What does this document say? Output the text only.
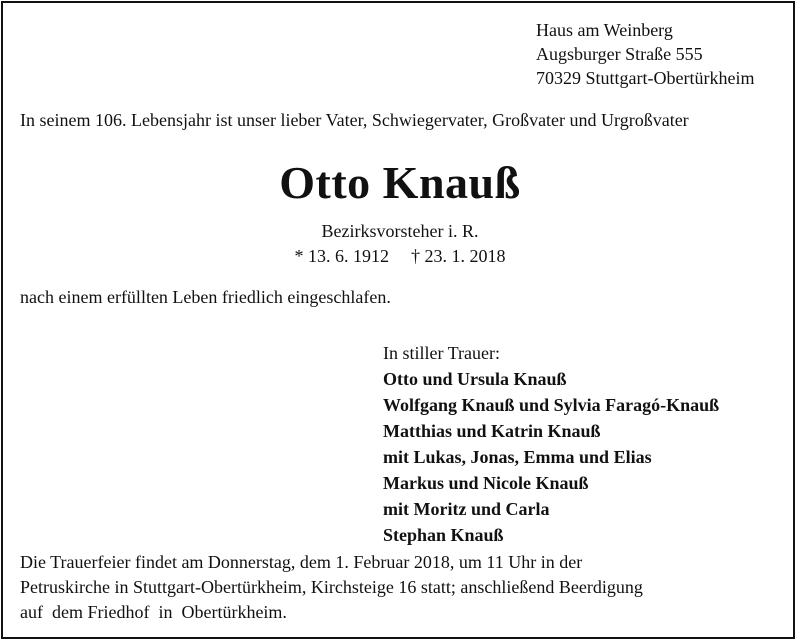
Haus am Weinberg
Augsburger Straße 555
70329 Stuttgart-Obertürkheim
In seinem 106. Lebensjahr ist unser lieber Vater, Schwiegervater, Großvater und Urgroßvater
Otto Knauß
Bezirksvorsteher i. R.
* 13. 6. 1912 † 23. 1. 2018
nach einem erfüllten Leben friedlich eingeschlafen.
In stiller Trauer:
Otto und Ursula Knauß
Wolfgang Knauß und Sylvia Faragó-Knauß
Matthias und Katrin Knauß
mit Lukas, Jonas, Emma und Elias
Markus und Nicole Knauß
mit Moritz und Carla
Stephan Knauß
Die Trauerfeier findet am Donnerstag, dem 1. Februar 2018, um 11 Uhr in der
Petruskirche in Stuttgart-Obertürkheim, Kirchsteige 16 statt; anschließend Beerdigung
auf  dem Friedhof  in  Obertürkheim.
